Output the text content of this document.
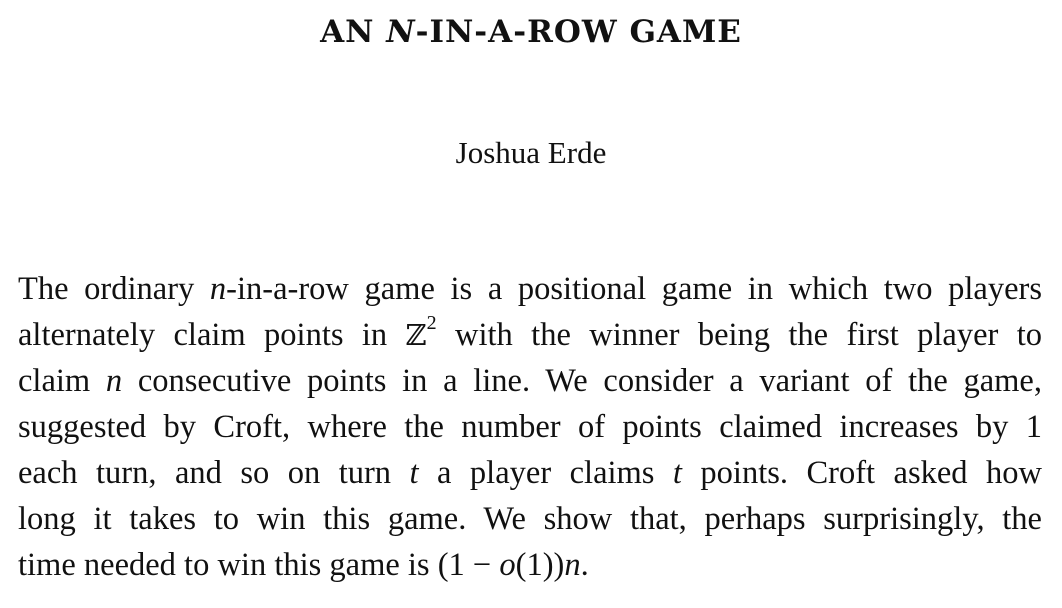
AN N-IN-A-ROW GAME
Joshua Erde
The ordinary n-in-a-row game is a positional game in which two players
alternately claim points in ℤ$^2$ with the winner being the first player to
claim n consecutive points in a line. We consider a variant of the game,
suggested by Croft, where the number of points claimed increases by 1
each turn, and so on turn t a player claims t points. Croft asked how
long it takes to win this game. We show that, perhaps surprisingly, the
time needed to win this game is (1 − o(1))n.
